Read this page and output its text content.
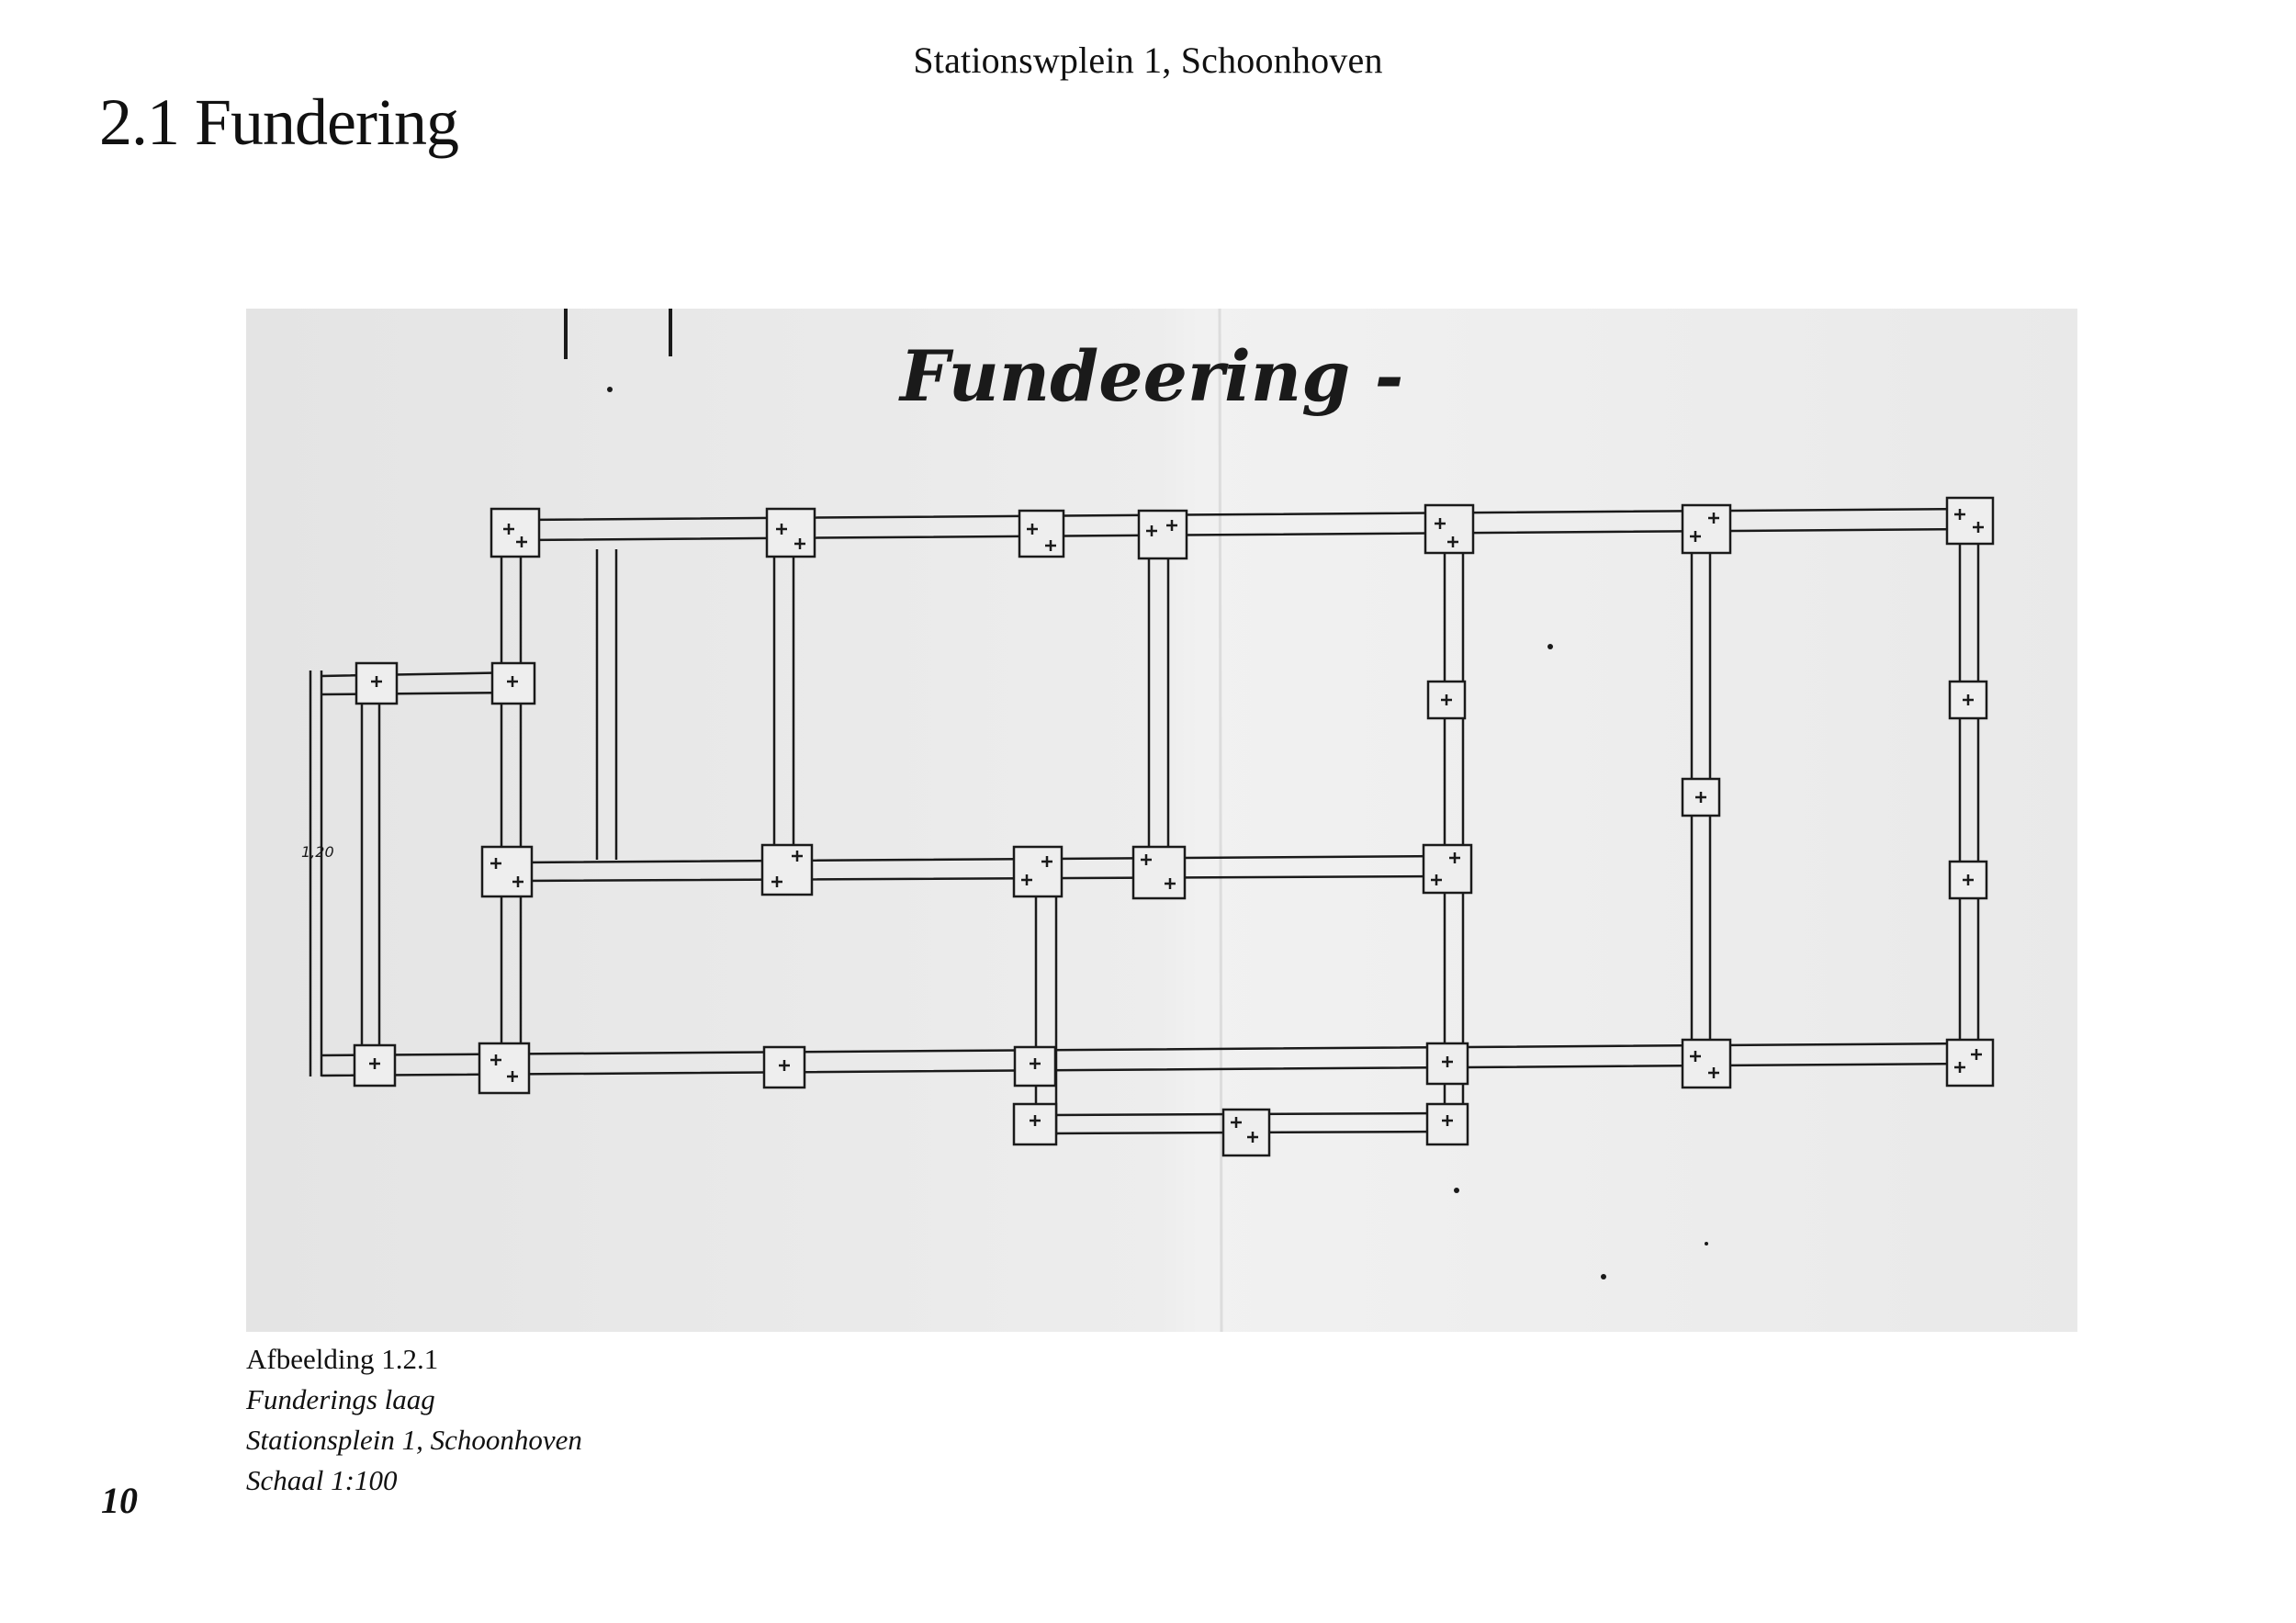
Stationswplein 1, Schoonhoven
2.1 Fundering
Fundeering -
1,20
Afbeelding 1.2.1
Funderings laag
Stationsplein 1, Schoonhoven
Schaal 1:100
10
